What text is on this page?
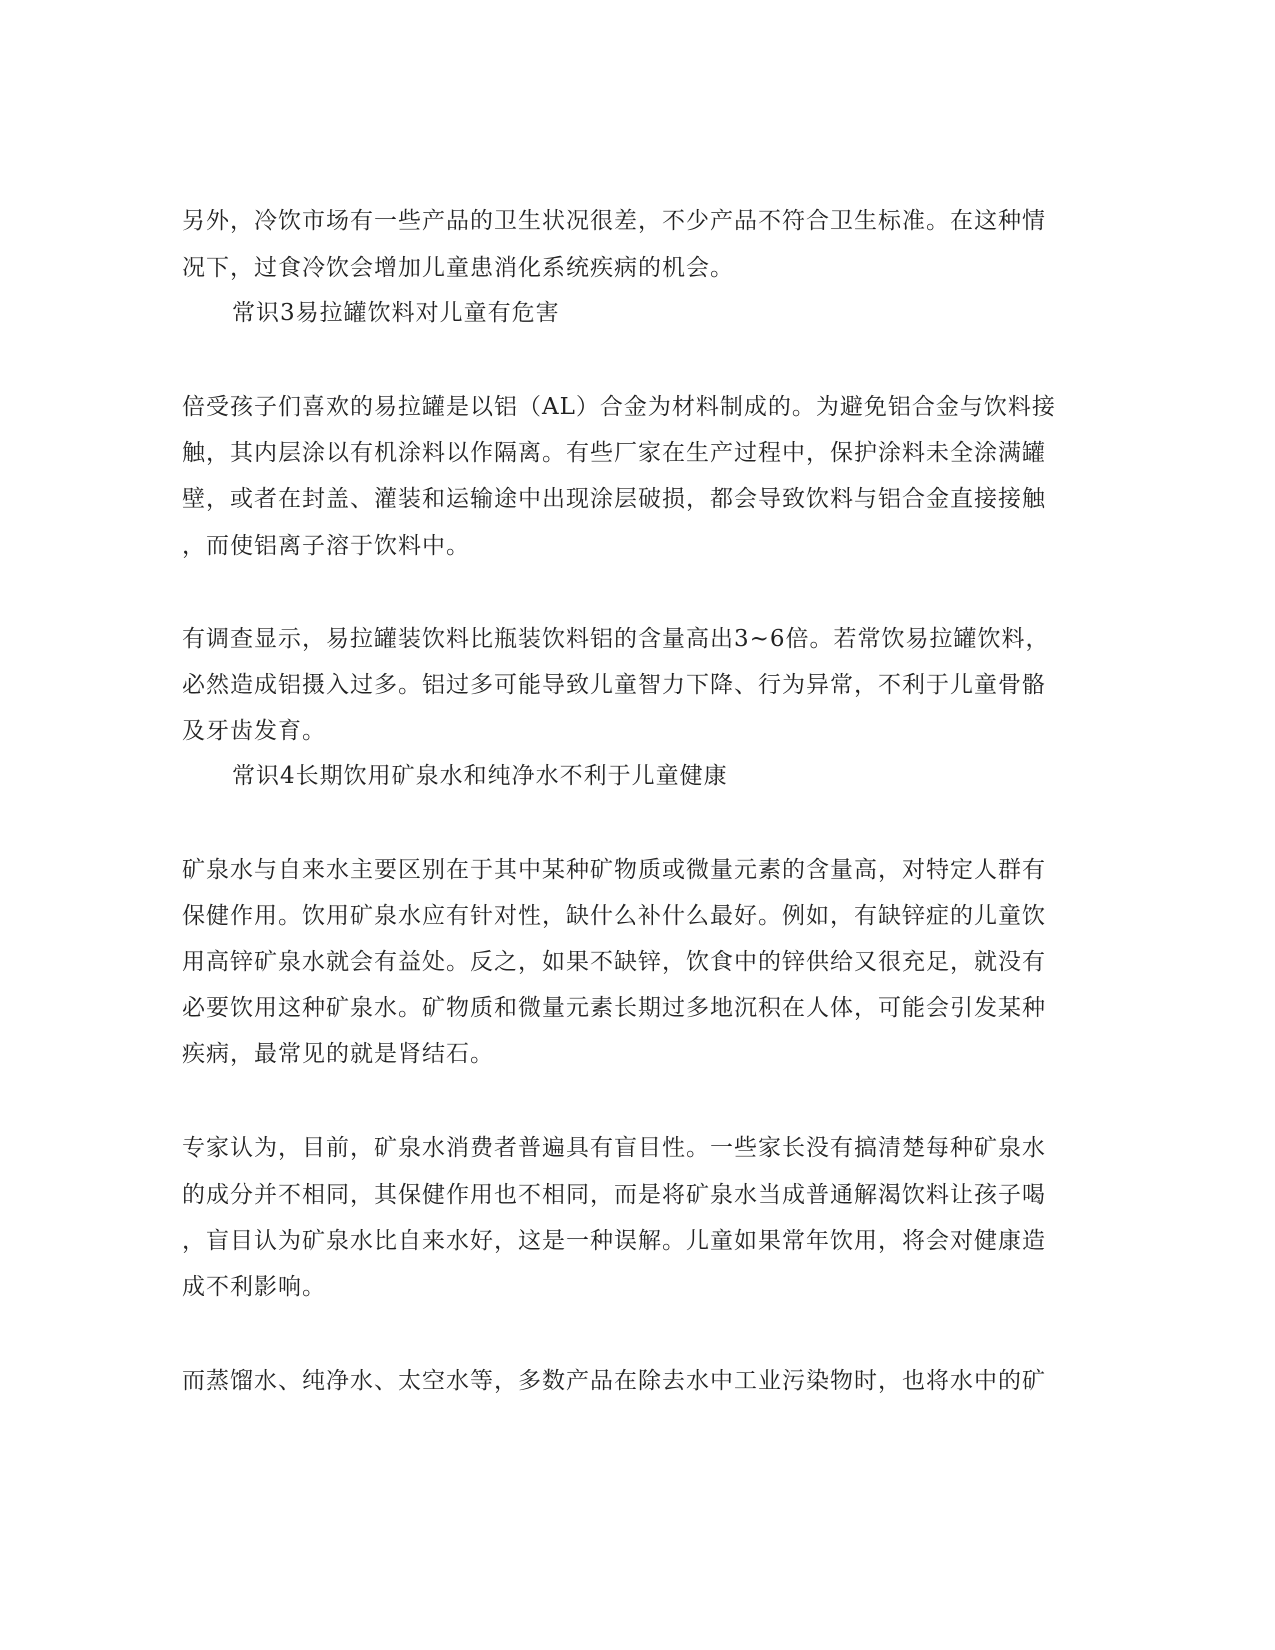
另外，冷饮市场有一些产品的卫生状况很差，不少产品不符合卫生标准。在这种情
况下，过食冷饮会增加儿童患消化系统疾病的机会。
常识3易拉罐饮料对儿童有危害
倍受孩子们喜欢的易拉罐是以铝（AL）合金为材料制成的。为避免铝合金与饮料接
触，其内层涂以有机涂料以作隔离。有些厂家在生产过程中，保护涂料未全涂满罐
壁，或者在封盖、灌装和运输途中出现涂层破损，都会导致饮料与铝合金直接接触
，而使铝离子溶于饮料中。
有调查显示，易拉罐装饮料比瓶装饮料铝的含量高出3~6倍。若常饮易拉罐饮料，
必然造成铝摄入过多。铝过多可能导致儿童智力下降、行为异常，不利于儿童骨骼
及牙齿发育。
常识4长期饮用矿泉水和纯净水不利于儿童健康
矿泉水与自来水主要区别在于其中某种矿物质或微量元素的含量高，对特定人群有
保健作用。饮用矿泉水应有针对性，缺什么补什么最好。例如，有缺锌症的儿童饮
用高锌矿泉水就会有益处。反之，如果不缺锌，饮食中的锌供给又很充足，就没有
必要饮用这种矿泉水。矿物质和微量元素长期过多地沉积在人体，可能会引发某种
疾病，最常见的就是肾结石。
专家认为，目前，矿泉水消费者普遍具有盲目性。一些家长没有搞清楚每种矿泉水
的成分并不相同，其保健作用也不相同，而是将矿泉水当成普通解渴饮料让孩子喝
，盲目认为矿泉水比自来水好，这是一种误解。儿童如果常年饮用，将会对健康造
成不利影响。
而蒸馏水、纯净水、太空水等，多数产品在除去水中工业污染物时，也将水中的矿
